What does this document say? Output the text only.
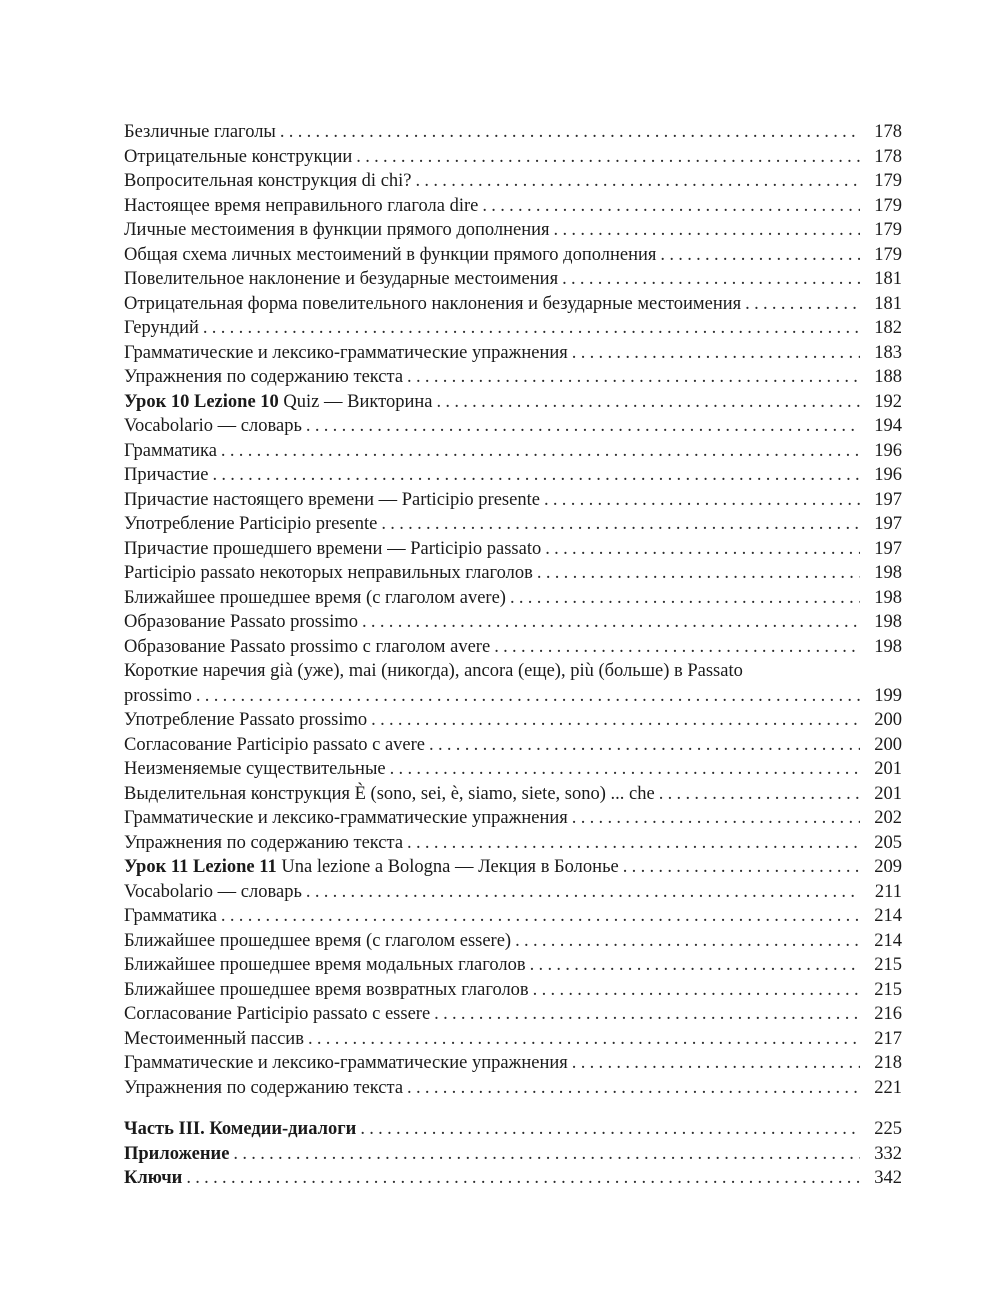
Безличные глаголы .....	178
Отрицательные конструкции .....	178
Вопросительная конструкция di chi? .....	179
Настоящее время неправильного глагола dire .....	179
Личные местоимения в функции прямого дополнения .....	179
Общая схема личных местоимений в функции прямого дополнения .....	179
Повелительное наклонение и безударные местоимения .....	181
Отрицательная форма повелительного наклонения и безударные местоимения .....	181
Герундий .....	182
Грамматические и лексико-грамматические упражнения .....	183
Упражнения по содержанию текста .....	188
Урок 10 Lezione 10 Quiz — Викторина .....	192
Vocabolario — словарь .....	194
Грамматика .....	196
Причастие .....	196
Причастие настоящего времени — Participio presente .....	197
Употребление Participio presente .....	197
Причастие прошедшего времени — Participio passato .....	197
Participio passato некоторых неправильных глаголов .....	198
Ближайшее прошедшее время (с глаголом avere) .....	198
Образование Passato prossimo .....	198
Образование Passato prossimo с глаголом avere .....	198
Короткие наречия già (уже), mai (никогда), ancora (еще), più (больше) в Passato
prossimo .....	199
Употребление Passato prossimo .....	200
Согласование Participio passato с avere .....	200
Неизменяемые существительные .....	201
Выделительная конструкция È (sono, sei, è, siamo, siete, sono) ... che .....	201
Грамматические и лексико-грамматические упражнения .....	202
Упражнения по содержанию текста .....	205
Урок 11 Lezione 11 Una lezione a Bologna — Лекция в Болонье .....	209
Vocabolario — словарь .....	211
Грамматика .....	214
Ближайшее прошедшее время (с глаголом essere) .....	214
Ближайшее прошедшее время модальных глаголов .....	215
Ближайшее прошедшее время возвратных глаголов .....	215
Согласование Participio passato с essere .....	216
Местоименный пассив .....	217
Грамматические и лексико-грамматические упражнения .....	218
Упражнения по содержанию текста .....	221
Часть III. Комедии-диалоги .....	225
Приложение .....	332
Ключи .....	342
